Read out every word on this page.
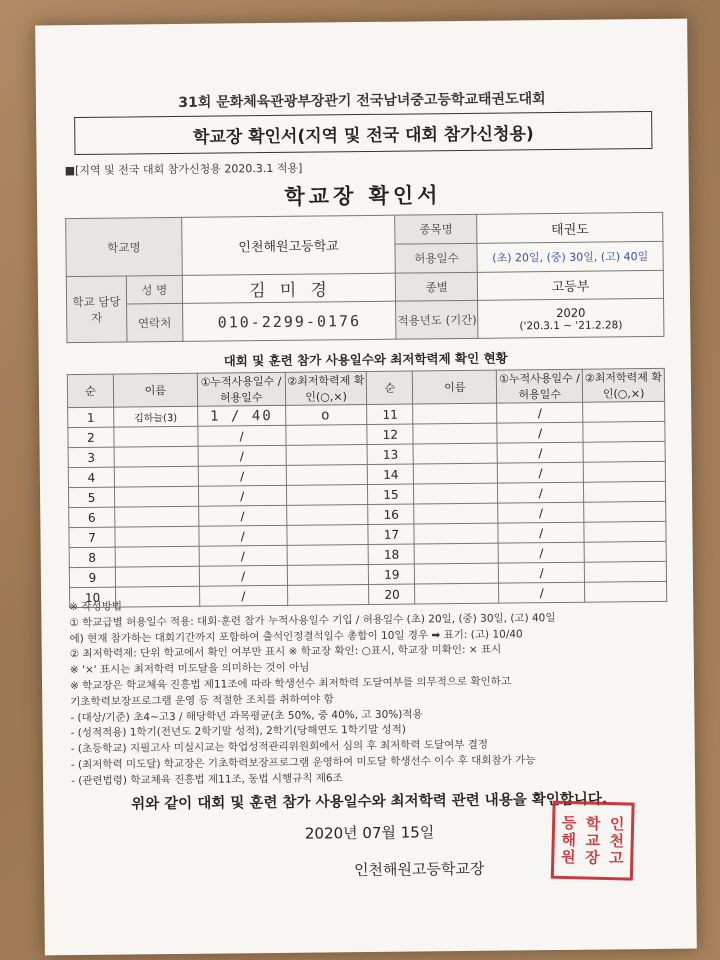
31회 문화체육관광부장관기 전국남녀중고등학교태권도대회
학교장 확인서(지역 및 전국 대회 참가신청용)
■[지역 및 전국 대회 참가신청용 2020.3.1 적용]
학교장 확인서
학교명		인천해원고등학교	종목명	태권도
			허용일수	(초) 20일, (중) 30일, (고) 40일
학교 담당자	성 명	김 미 경	종별	고등부
	연락처	010-2299-0176	적용년도 (기간)	2020
('20.3.1 ~ '21.2.28)
대회 및 훈련 참가 사용일수와 최저학력제 확인 현황
순	이름	①누적사용일수 /허용일수	②최저학력제 확인(○,×)	순	이름	①누적사용일수 /허용일수	②최저학력제 확인(○,×)
1	김하늘(3)	1 / 40	o	11		/	
2		/		12		/	
3		/		13		/	
4		/		14		/	
5		/		15		/	
6		/		16		/	
7		/		17		/	
8		/		18		/	
9		/		19		/	
10		/		20		/	
※ 작성방법
① 학교급별 허용일수 적용: 대회·훈련 참가 누적사용일수 기입 / 허용일수 (초) 20일, (중) 30일, (고) 40일
에) 현재 참가하는 대회기간까지 포함하여 출석인정결석일수 총합이 10일 경우 ➡ 표기: (고) 10/40
② 최저학력제: 단위 학교에서 확인 여부만 표시 ※ 학교장 확인: ○표시, 학교장 미확인: × 표시
※ '×' 표시는 최저학력 미도달을 의미하는 것이 아님
※ 학교장은 학교체육 진흥법 제11조에 따라 학생선수 최저학력 도달여부를 의무적으로 확인하고
기초학력보장프로그램 운영 등 적절한 조치를 취하여야 함
- (대상/기준) 초4~고3 / 해당학년 과목평균(초 50%, 중 40%, 고 30%)적용
- (성적적용) 1학기(전년도 2학기말 성적), 2학기(당해연도 1학기말 성적)
- (초등학교) 지필고사 미실시교는 학업성적관리위원회에서 심의 후 최저학력 도달여부 결정
- (최저학력 미도달) 학교장은 기초학력보장프로그램 운영하여 미도달 학생선수 이수 후 대회참가 가능
- (관련법령) 학교체육 진흥법 제11조, 동법 시행규칙 제6조
위와 같이 대회 및 훈련 참가 사용일수와 최저학력 관련 내용을 확인합니다.
2020년 07월 15일
인천해원고등학교장
등 학 인
해 교 천
원 장 고
